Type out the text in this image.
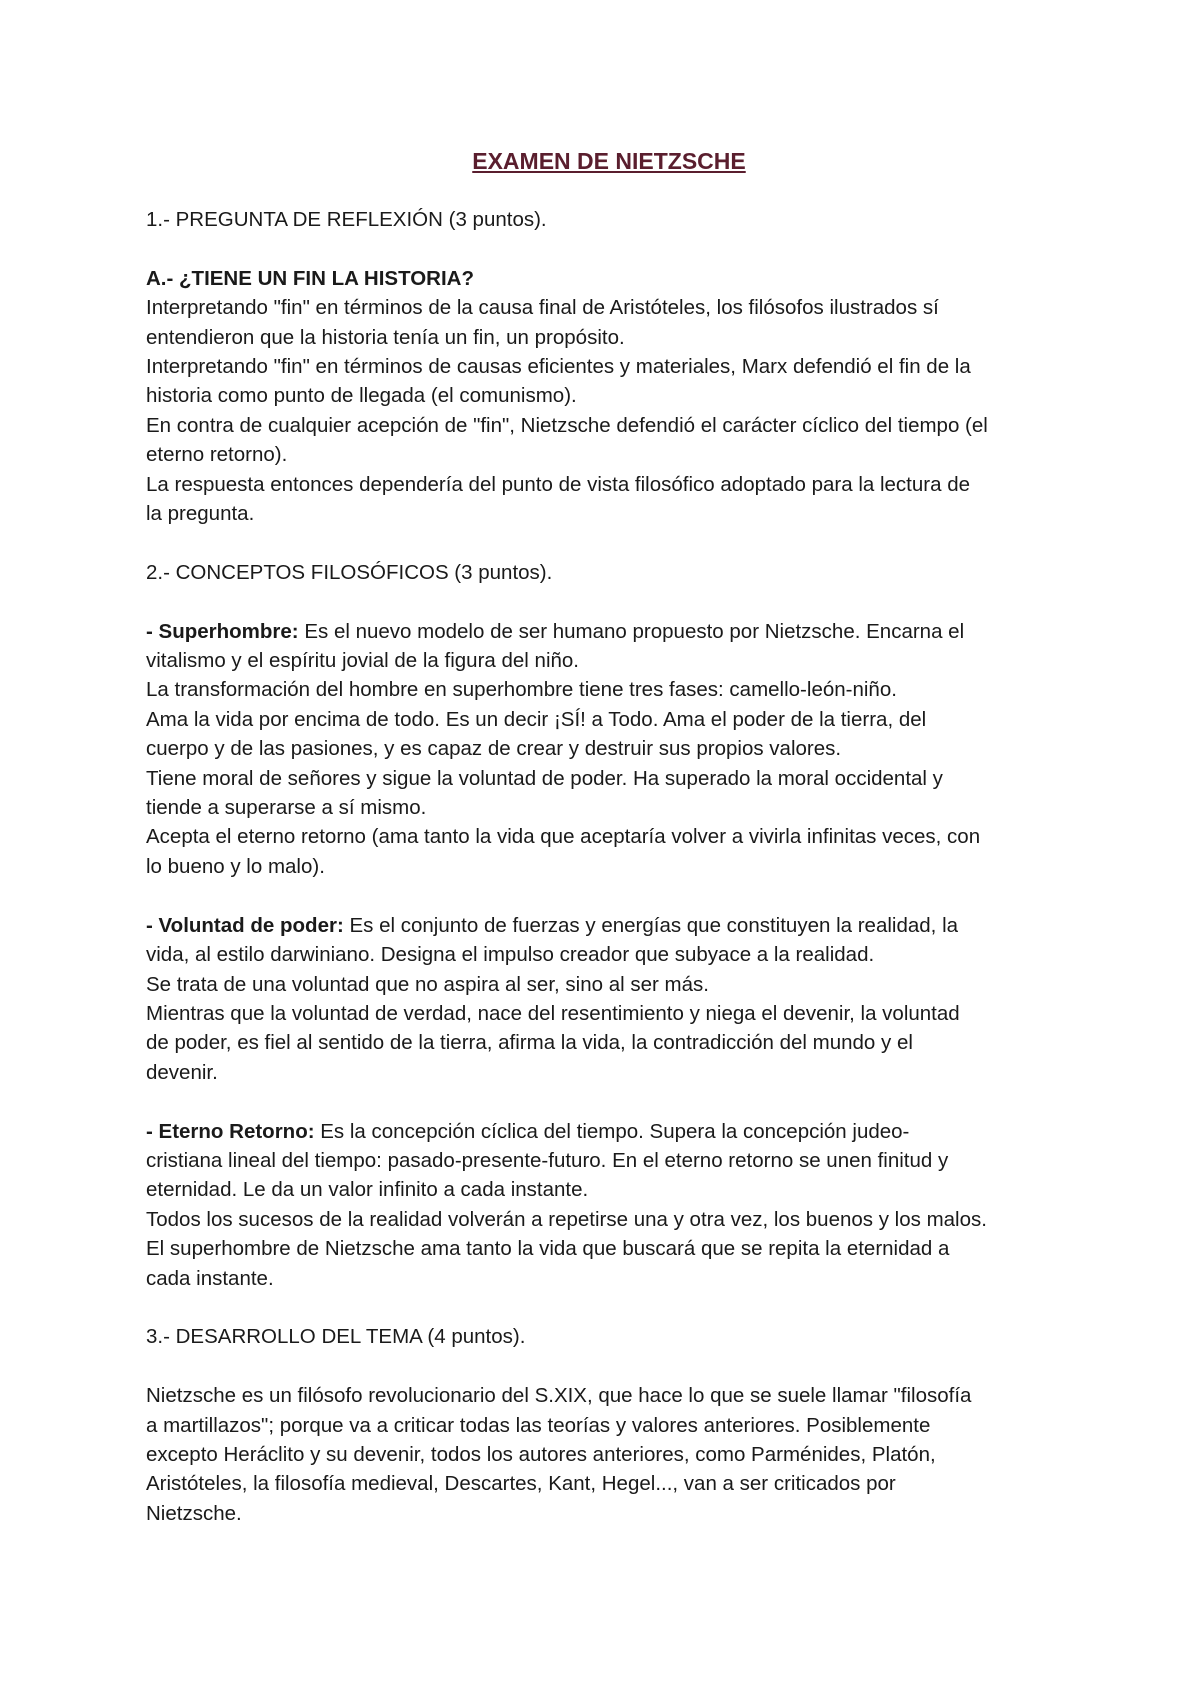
EXAMEN DE NIETZSCHE

1.- PREGUNTA DE REFLEXIÓN (3 puntos).

A.- ¿TIENE UN FIN LA HISTORIA?

Interpretando "fin" en términos de la causa final de Aristóteles, los filósofos ilustrados sí

entendieron que la historia tenía un fin, un propósito.

Interpretando "fin" en términos de causas eficientes y materiales, Marx defendió el fin de la

historia como punto de llegada (el comunismo).

En contra de cualquier acepción de "fin", Nietzsche defendió el carácter cíclico del tiempo (el

eterno retorno).

La respuesta entonces dependería del punto de vista filosófico adoptado para la lectura de

la pregunta.

2.- CONCEPTOS FILOSÓFICOS (3 puntos).

- Superhombre: Es el nuevo modelo de ser humano propuesto por Nietzsche. Encarna el

vitalismo y el espíritu jovial de la figura del niño.

La transformación del hombre en superhombre tiene tres fases: camello-león-niño.

Ama la vida por encima de todo. Es un decir ¡SÍ! a Todo. Ama el poder de la tierra, del

cuerpo y de las pasiones, y es capaz de crear y destruir sus propios valores.

Tiene moral de señores y sigue la voluntad de poder. Ha superado la moral occidental y

tiende a superarse a sí mismo.

Acepta el eterno retorno (ama tanto la vida que aceptaría volver a vivirla infinitas veces, con

lo bueno y lo malo).

- Voluntad de poder: Es el conjunto de fuerzas y energías que constituyen la realidad, la

vida, al estilo darwiniano. Designa el impulso creador que subyace a la realidad.

Se trata de una voluntad que no aspira al ser, sino al ser más.

Mientras que la voluntad de verdad, nace del resentimiento y niega el devenir, la voluntad

de poder, es fiel al sentido de la tierra, afirma la vida, la contradicción del mundo y el

devenir.

- Eterno Retorno: Es la concepción cíclica del tiempo. Supera la concepción judeo-

cristiana lineal del tiempo: pasado-presente-futuro. En el eterno retorno se unen finitud y

eternidad. Le da un valor infinito a cada instante.

Todos los sucesos de la realidad volverán a repetirse una y otra vez, los buenos y los malos.

El superhombre de Nietzsche ama tanto la vida que buscará que se repita la eternidad a

cada instante.

3.- DESARROLLO DEL TEMA (4 puntos).

Nietzsche es un filósofo revolucionario del S.XIX, que hace lo que se suele llamar "filosofía

a martillazos"; porque va a criticar todas las teorías y valores anteriores. Posiblemente

excepto Heráclito y su devenir, todos los autores anteriores, como Parménides, Platón,

Aristóteles, la filosofía medieval, Descartes, Kant, Hegel..., van a ser criticados por

Nietzsche.
